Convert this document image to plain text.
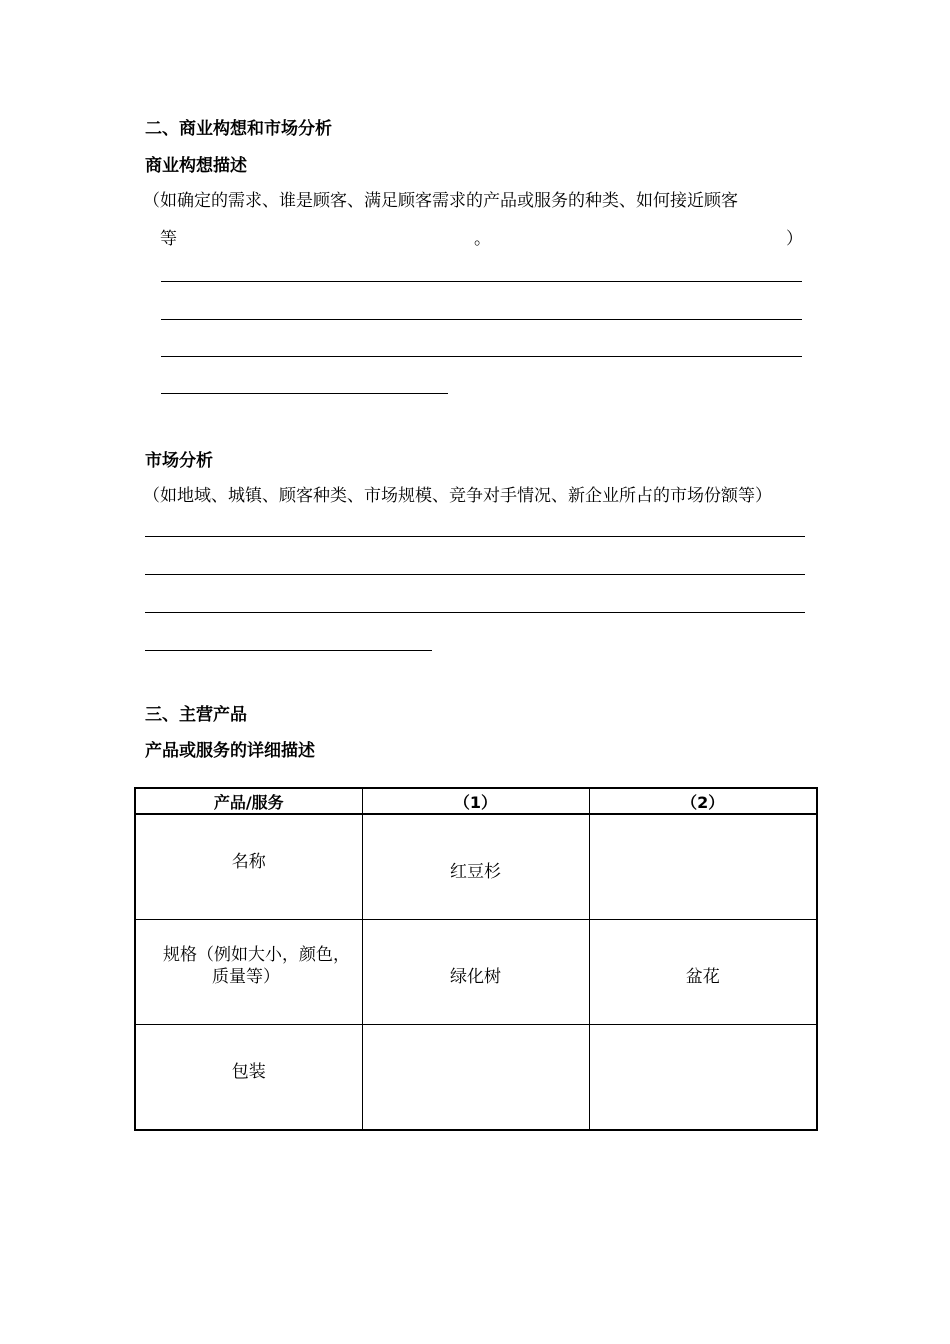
二、商业构想和市场分析
商业构想描述
（如确定的需求、谁是顾客、满足顾客需求的产品或服务的种类、如何接近顾客
等	。	）
市场分析
（如地域、城镇、顾客种类、市场规模、竞争对手情况、新企业所占的市场份额等）
三、主营产品
产品或服务的详细描述
产品/服务	（1）	（2）

名称	红豆杉	

规格（例如大小，颜色，
质量等）	绿化树	盆花

包装		
